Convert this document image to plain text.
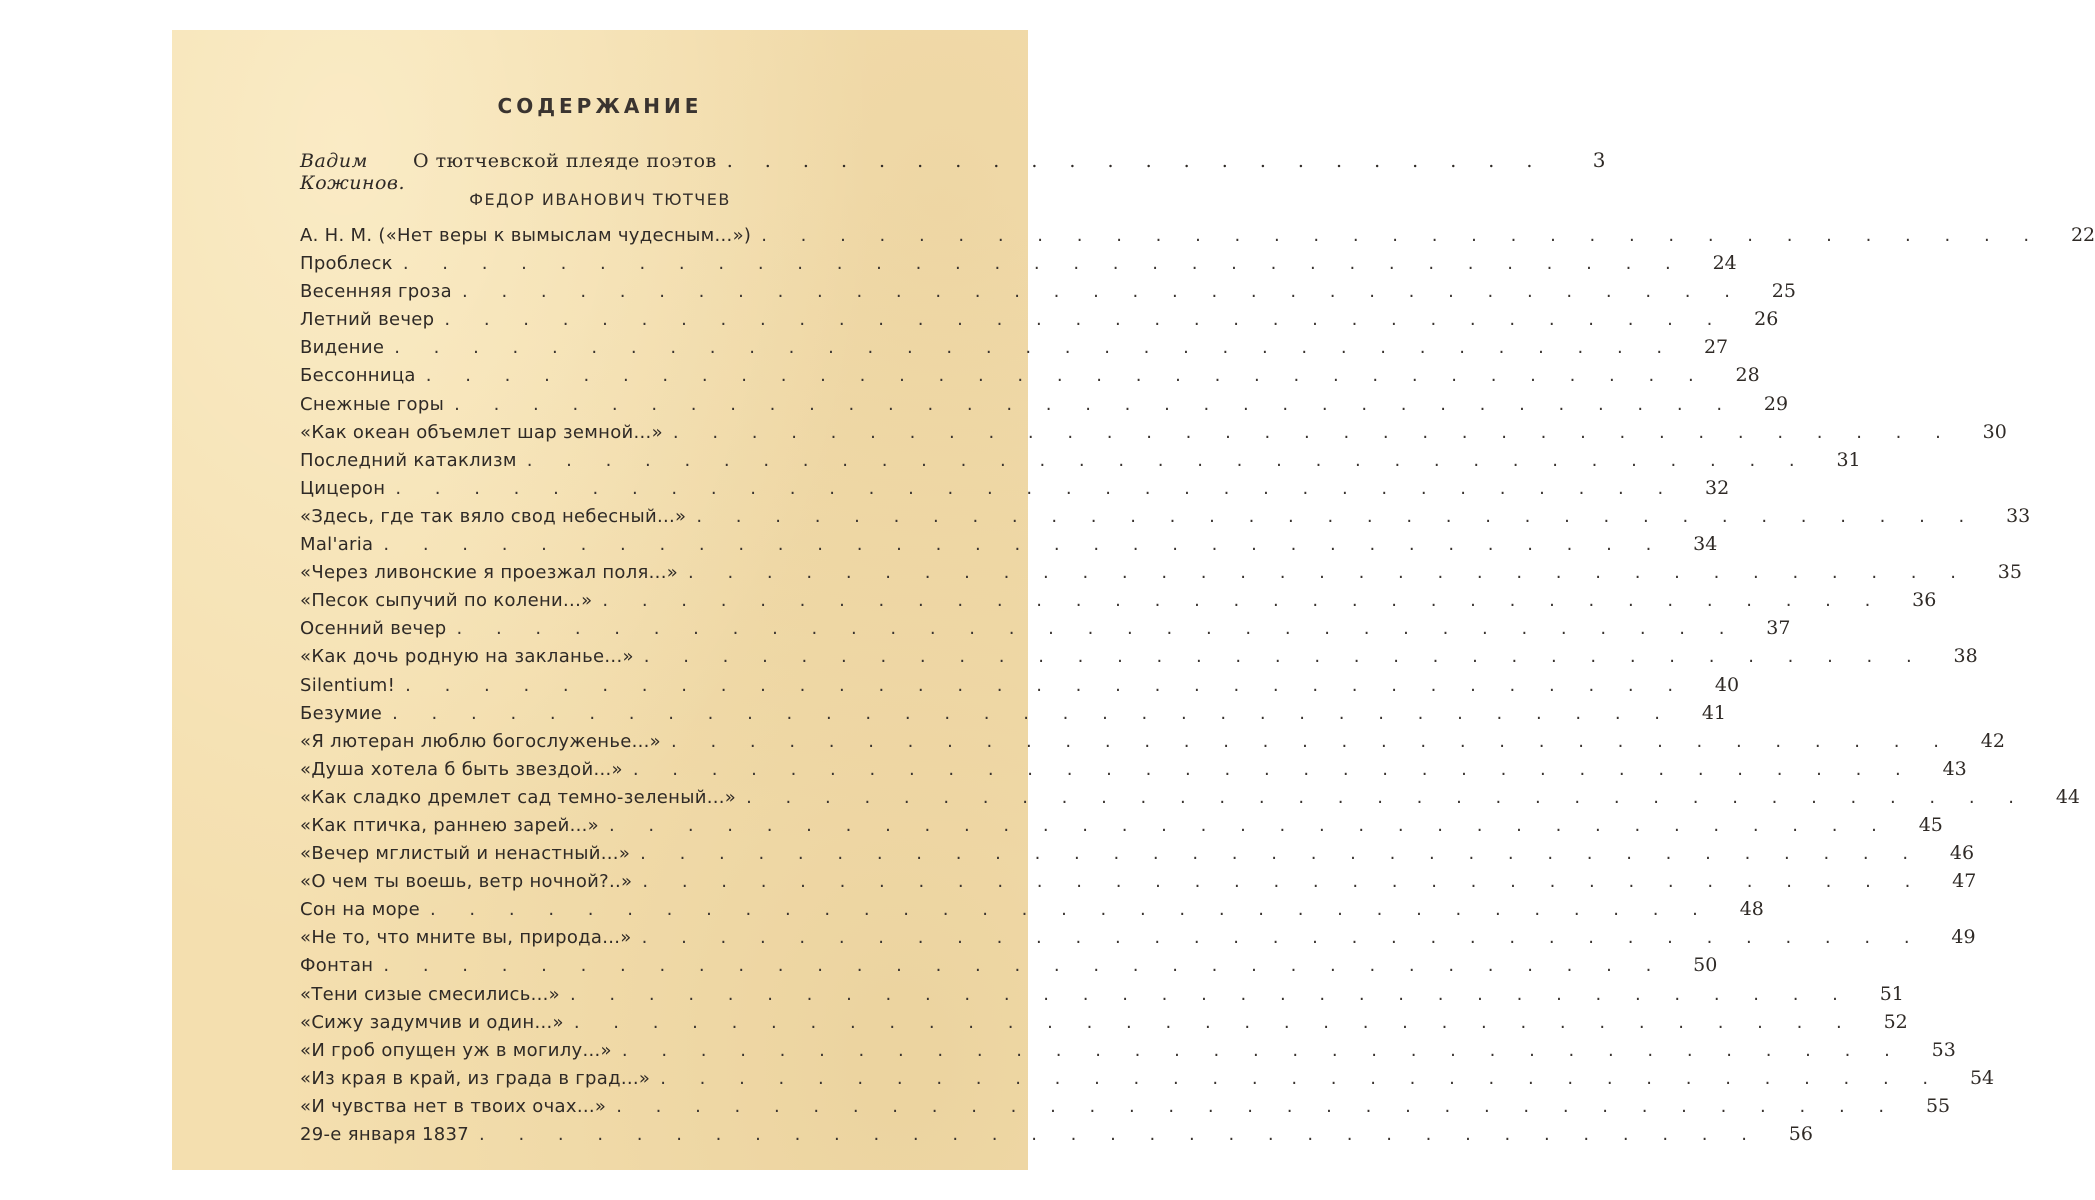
СОДЕРЖАНИЕ
Вадим Кожинов.
О тютчевской плеяде поэтов . . . . . . . . . . . . . . . . . . . . . .	3
ФЕДОР ИВАНОВИЧ ТЮТЧЕВ
А. Н. М. («Нет веры к вымыслам чудесным...») . . . . . . . . . . . . . . . . . . . . . . . . . . . . . . . . .	22
Проблеск . . . . . . . . . . . . . . . . . . . . . . . . . . . . . . . . .	24
Весенняя гроза . . . . . . . . . . . . . . . . . . . . . . . . . . . . . . . . .	25
Летний вечер . . . . . . . . . . . . . . . . . . . . . . . . . . . . . . . . .	26
Видение . . . . . . . . . . . . . . . . . . . . . . . . . . . . . . . . .	27
Бессонница . . . . . . . . . . . . . . . . . . . . . . . . . . . . . . . . .	28
Снежные горы . . . . . . . . . . . . . . . . . . . . . . . . . . . . . . . . .	29
«Как океан объемлет шар земной...» . . . . . . . . . . . . . . . . . . . . . . . . . . . . . . . . .	30
Последний катаклизм . . . . . . . . . . . . . . . . . . . . . . . . . . . . . . . . .	31
Цицерон . . . . . . . . . . . . . . . . . . . . . . . . . . . . . . . . .	32
«Здесь, где так вяло свод небесный...» . . . . . . . . . . . . . . . . . . . . . . . . . . . . . . . . .	33
Mal'aria . . . . . . . . . . . . . . . . . . . . . . . . . . . . . . . . .	34
«Через ливонские я проезжал поля...» . . . . . . . . . . . . . . . . . . . . . . . . . . . . . . . . .	35
«Песок сыпучий по колени...» . . . . . . . . . . . . . . . . . . . . . . . . . . . . . . . . .	36
Осенний вечер . . . . . . . . . . . . . . . . . . . . . . . . . . . . . . . . .	37
«Как дочь родную на закланье...» . . . . . . . . . . . . . . . . . . . . . . . . . . . . . . . . .	38
Silentium! . . . . . . . . . . . . . . . . . . . . . . . . . . . . . . . . .	40
Безумие . . . . . . . . . . . . . . . . . . . . . . . . . . . . . . . . .	41
«Я лютеран люблю богослуженье...» . . . . . . . . . . . . . . . . . . . . . . . . . . . . . . . . .	42
«Душа хотела б быть звездой...» . . . . . . . . . . . . . . . . . . . . . . . . . . . . . . . . .	43
«Как сладко дремлет сад темно-зеленый...» . . . . . . . . . . . . . . . . . . . . . . . . . . . . . . . . .	44
«Как птичка, раннею зарей...» . . . . . . . . . . . . . . . . . . . . . . . . . . . . . . . . .	45
«Вечер мглистый и ненастный...» . . . . . . . . . . . . . . . . . . . . . . . . . . . . . . . . .	46
«О чем ты воешь, ветр ночной?..» . . . . . . . . . . . . . . . . . . . . . . . . . . . . . . . . .	47
Сон на море . . . . . . . . . . . . . . . . . . . . . . . . . . . . . . . . .	48
«Не то, что мните вы, природа...» . . . . . . . . . . . . . . . . . . . . . . . . . . . . . . . . .	49
Фонтан . . . . . . . . . . . . . . . . . . . . . . . . . . . . . . . . .	50
«Тени сизые смесились...» . . . . . . . . . . . . . . . . . . . . . . . . . . . . . . . . .	51
«Сижу задумчив и один...» . . . . . . . . . . . . . . . . . . . . . . . . . . . . . . . . .	52
«И гроб опущен уж в могилу...» . . . . . . . . . . . . . . . . . . . . . . . . . . . . . . . . .	53
«Из края в край, из града в град...» . . . . . . . . . . . . . . . . . . . . . . . . . . . . . . . . .	54
«И чувства нет в твоих очах...» . . . . . . . . . . . . . . . . . . . . . . . . . . . . . . . . .	55
29-е января 1837 . . . . . . . . . . . . . . . . . . . . . . . . . . . . . . . . .	56
